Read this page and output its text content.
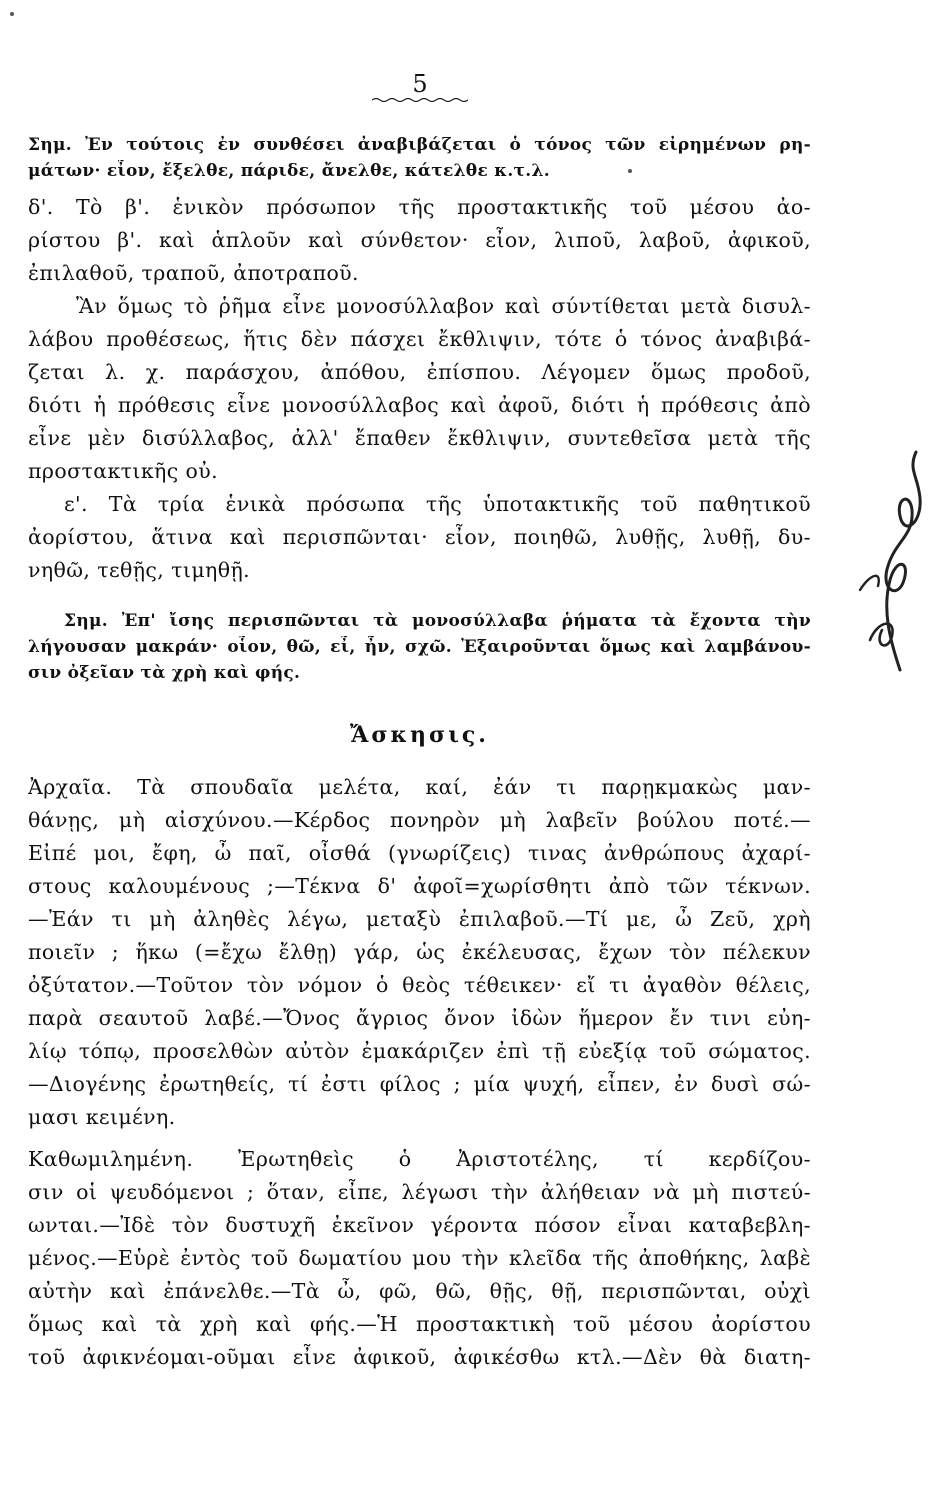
5
Σημ. Ἐν τούτοις ἐν συνθέσει ἀναβιβάζεται ὁ τόνος τῶν εἰρημένων ρη-
μάτων· εἶον, ἔξελθε, πάριδε, ἄνελθε, κάτελθε κ.τ.λ.
δ'. Τὸ β'. ἑνικὸν πρόσωπον τῆς προστακτικῆς τοῦ μέσου ἀο-
ρίστου β'. καὶ ἁπλοῦν καὶ σύνθετον· εἶον, λιποῦ, λαβοῦ, ἀφικοῦ,
ἐπιλαθοῦ, τραποῦ, ἀποτραποῦ.
Ἂν ὅμως τὸ ῥῆμα εἶνε μονοσύλλαβον καὶ σύντίθεται μετὰ δισυλ-
λάβου προθέσεως, ἥτις δὲν πάσχει ἔκθλιψιν, τότε ὁ τόνος ἀναβιβά-
ζεται λ. χ. παράσχου, ἀπόθου, ἐπίσπου. Λέγομεν ὅμως προδοῦ,
διότι ἡ πρόθεσις εἶνε μονοσύλλαβος καὶ ἀφοῦ, διότι ἡ πρόθεσις ἀπὸ
εἶνε μὲν δισύλλαβος, ἀλλ' ἔπαθεν ἔκθλιψιν, συντεθεῖσα μετὰ τῆς
προστακτικῆς οὐ.
ε'. Τὰ τρία ἑνικὰ πρόσωπα τῆς ὑποτακτικῆς τοῦ παθητικοῦ
ἀορίστου, ἅτινα καὶ περισπῶνται· εἶον, ποιηθῶ, λυθῇς, λυθῇ, δυ-
νηθῶ, τεθῇς, τιμηθῇ.
Σημ. Ἐπ' ἴσης περισπῶνται τὰ μονοσύλλαβα ῥήματα τὰ ἔχοντα τὴν
λήγουσαν μακράν· οἷον, θῶ, εἶ, ἦν, σχῶ. Ἐξαιροῦνται ὅμως καὶ λαμβάνου-
σιν ὀξεῖαν τὰ χρὴ καὶ φής.
Ἄσκησις.
Ἀρχαῖα. Τὰ σπουδαῖα μελέτα, καί, ἐάν τι παρῃκμακὼς μαν-
θάνῃς, μὴ αἰσχύνου.—Κέρδος πονηρὸν μὴ λαβεῖν βούλου ποτέ.—
Εἰπέ μοι, ἔφη, ὦ παῖ, οἶσθά (γνωρίζεις) τινας ἀνθρώπους ἀχαρί-
στους καλουμένους ;—Τέκνα δ' ἀφοῖ=χωρίσθητι ἀπὸ τῶν τέκνων.
—Ἐάν τι μὴ ἀληθὲς λέγω, μεταξὺ ἐπιλαβοῦ.—Τί με, ὦ Ζεῦ, χρὴ
ποιεῖν ; ἥκω (=ἔχω ἔλθῃ) γάρ, ὡς ἐκέλευσας, ἔχων τὸν πέλεκυν
ὀξύτατον.—Τοῦτον τὸν νόμον ὁ θεὸς τέθεικεν· εἴ τι ἀγαθὸν θέλεις,
παρὰ σεαυτοῦ λαβέ.—Ὄνος ἄγριος ὄνον ἰδὼν ἥμερον ἔν τινι εὐη-
λίῳ τόπῳ, προσελθὼν αὐτὸν ἐμακάριζεν ἐπὶ τῇ εὐεξίᾳ τοῦ σώματος.
—Διογένης ἐρωτηθείς, τί ἐστι φίλος ; μία ψυχή, εἶπεν, ἐν δυσὶ σώ-
μασι κειμένη.
Καθωμιλημένη. Ἐρωτηθεὶς ὁ Ἀριστοτέλης, τί κερδίζου-
σιν οἱ ψευδόμενοι ; ὅταν, εἶπε, λέγωσι τὴν ἀλήθειαν νὰ μὴ πιστεύ-
ωνται.—Ἰδὲ τὸν δυστυχῆ ἐκεῖνον γέροντα πόσον εἶναι καταβεβλη-
μένος.—Εὑρὲ ἐντὸς τοῦ δωματίου μου τὴν κλεῖδα τῆς ἀποθήκης, λαβὲ
αὐτὴν καὶ ἐπάνελθε.—Τὰ ὦ, φῶ, θῶ, θῇς, θῇ, περισπῶνται, οὐχὶ
ὅμως καὶ τὰ χρὴ καὶ φής.—Ἡ προστακτικὴ τοῦ μέσου ἀορίστου
τοῦ ἀφικνέομαι-οῦμαι εἶνε ἀφικοῦ, ἀφικέσθω κτλ.—Δὲν θὰ διατη-
